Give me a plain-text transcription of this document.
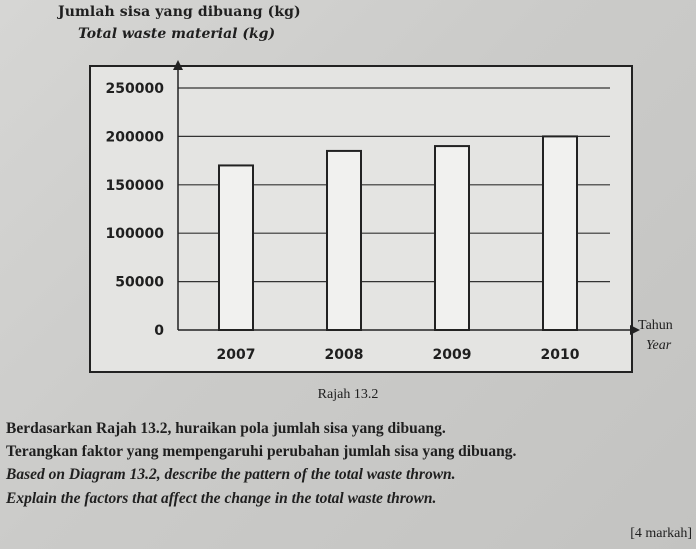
Jumlah sisa yang dibuang (kg)
Total waste material (kg)
0
50000
100000
150000
200000
250000
2007	2008	2009	2010
Tahun
Year
Rajah 13.2
Berdasarkan Rajah 13.2, huraikan pola jumlah sisa yang dibuang.
Terangkan faktor yang mempengaruhi perubahan jumlah sisa yang dibuang.
Based on Diagram 13.2, describe the pattern of the total waste thrown.
Explain the factors that affect the change in the total waste thrown.
[4 markah]
